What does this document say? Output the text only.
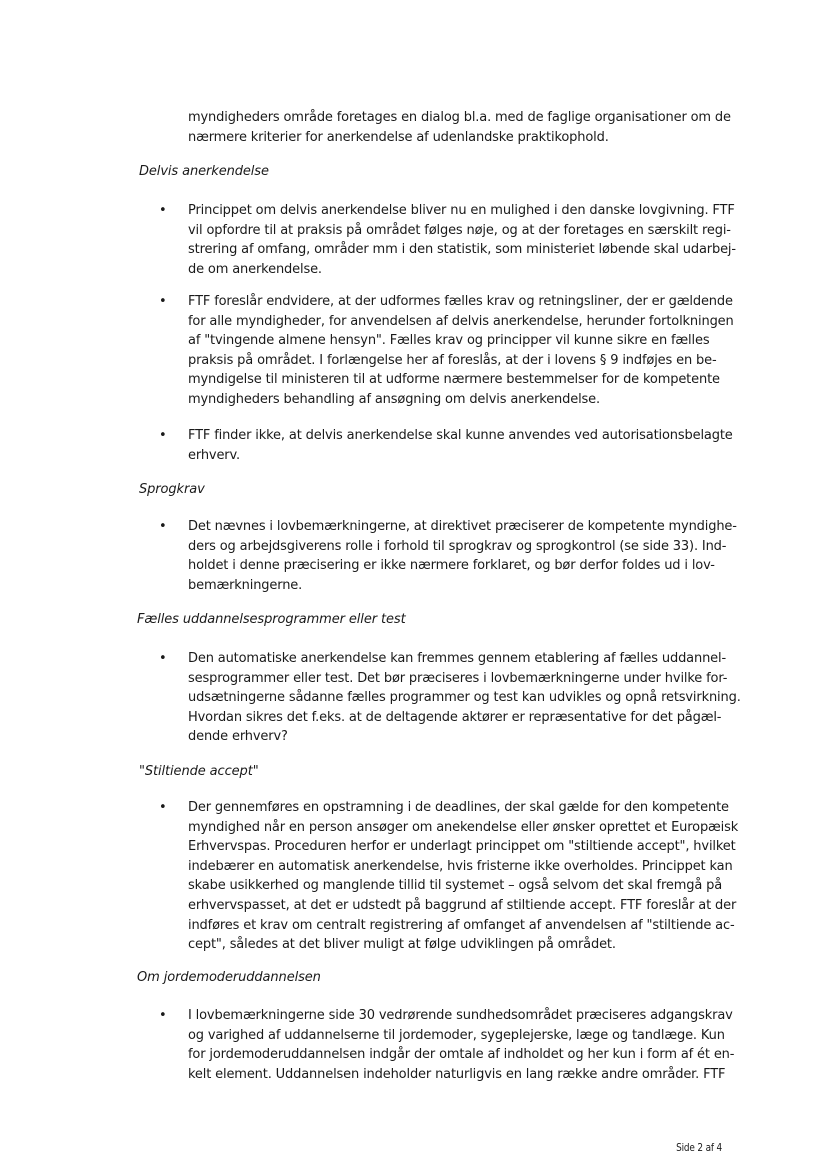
myndigheders område foretages en dialog bl.a. med de faglige organisationer om de
nærmere kriterier for anerkendelse af udenlandske praktikophold.
Delvis anerkendelse
• Princippet om delvis anerkendelse bliver nu en mulighed i den danske lovgivning. FTF
vil opfordre til at praksis på området følges nøje, og at der foretages en særskilt regi-
strering af omfang, områder mm i den statistik, som ministeriet løbende skal udarbej-
de om anerkendelse.
• FTF foreslår endvidere, at der udformes fælles krav og retningsliner, der er gældende
for alle myndigheder, for anvendelsen af delvis anerkendelse, herunder fortolkningen
af "tvingende almene hensyn". Fælles krav og principper vil kunne sikre en fælles
praksis på området. I forlængelse her af foreslås, at der i lovens § 9 indføjes en be-
myndigelse til ministeren til at udforme nærmere bestemmelser for de kompetente
myndigheders behandling af ansøgning om delvis anerkendelse.
• FTF finder ikke, at delvis anerkendelse skal kunne anvendes ved autorisationsbelagte
erhverv.
Sprogkrav
• Det nævnes i lovbemærkningerne, at direktivet præciserer de kompetente myndighe-
ders og arbejdsgiverens rolle i forhold til sprogkrav og sprogkontrol (se side 33). Ind-
holdet i denne præcisering er ikke nærmere forklaret, og bør derfor foldes ud i lov-
bemærkningerne.
Fælles uddannelsesprogrammer eller test
• Den automatiske anerkendelse kan fremmes gennem etablering af fælles uddannel-
sesprogrammer eller test. Det bør præciseres i lovbemærkningerne under hvilke for-
udsætningerne sådanne fælles programmer og test kan udvikles og opnå retsvirkning.
Hvordan sikres det f.eks. at de deltagende aktører er repræsentative for det pågæl-
dende erhverv?
"Stiltiende accept"
• Der gennemføres en opstramning i de deadlines, der skal gælde for den kompetente
myndighed når en person ansøger om anekendelse eller ønsker oprettet et Europæisk
Erhvervspas. Proceduren herfor er underlagt princippet om "stiltiende accept", hvilket
indebærer en automatisk anerkendelse, hvis fristerne ikke overholdes. Princippet kan
skabe usikkerhed og manglende tillid til systemet – også selvom det skal fremgå på
erhvervspasset, at det er udstedt på baggrund af stiltiende accept. FTF foreslår at der
indføres et krav om centralt registrering af omfanget af anvendelsen af "stiltiende ac-
cept", således at det bliver muligt at følge udviklingen på området.
Om jordemoderuddannelsen
• I lovbemærkningerne side 30 vedrørende sundhedsområdet præciseres adgangskrav
og varighed af uddannelserne til jordemoder, sygeplejerske, læge og tandlæge. Kun
for jordemoderuddannelsen indgår der omtale af indholdet og her kun i form af ét en-
kelt element. Uddannelsen indeholder naturligvis en lang række andre områder. FTF
Side 2 af 4
